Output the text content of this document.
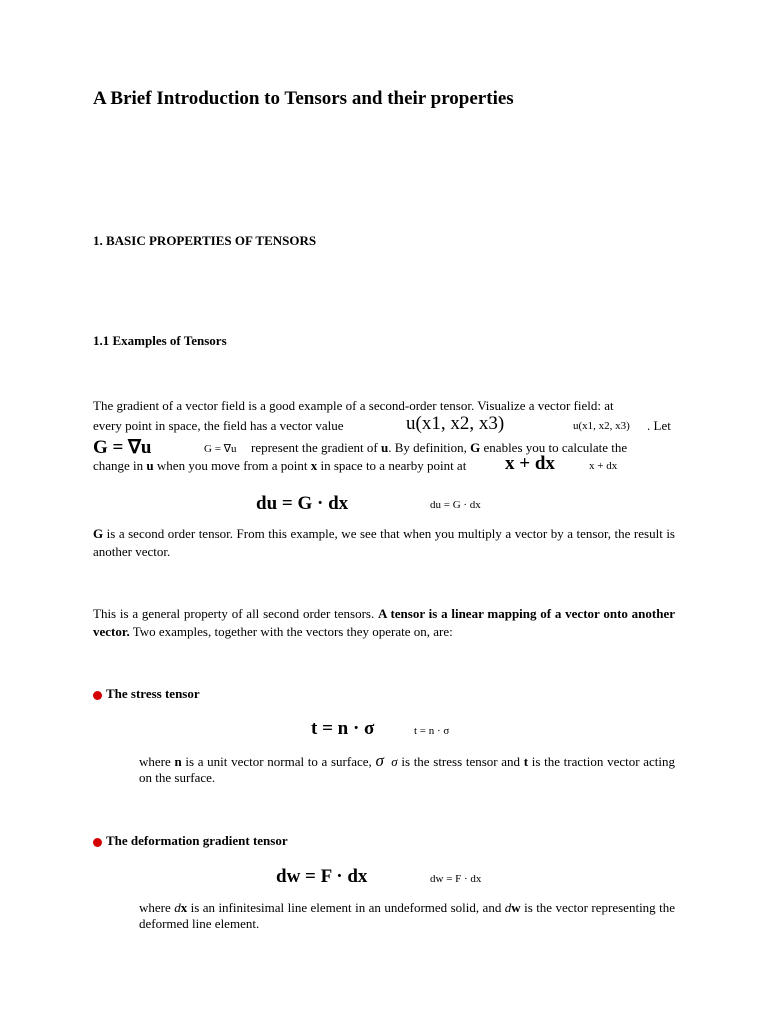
A Brief Introduction to Tensors and their properties
1. BASIC PROPERTIES OF TENSORS
1.1 Examples of Tensors
The gradient of a vector field is a good example of a second-order tensor. Visualize a vector field: at
every point in space, the field has a vector value	u(x1, x2, x3)	u(x1, x2, x3) . Let
G = ∇u	G = ∇u represent the gradient of u. By definition, G enables you to calculate the
change in u when you move from a point x in space to a nearby point at x + dx	x + dx
du = G · dx	du = G · dx
G is a second order tensor. From this example, we see that when you multiply a vector by a tensor, the result is another vector.
This is a general property of all second order tensors. A tensor is a linear mapping of a vector onto another vector. Two examples, together with the vectors they operate on, are:
The stress tensor
t = n · σ	t = n · σ
where n is a unit vector normal to a surface, σ σ is the stress tensor and t is the traction vector acting on the surface.
The deformation gradient tensor
dw = F · dx	dw = F · dx
where dx is an infinitesimal line element in an undeformed solid, and dw is the vector representing the deformed line element.
